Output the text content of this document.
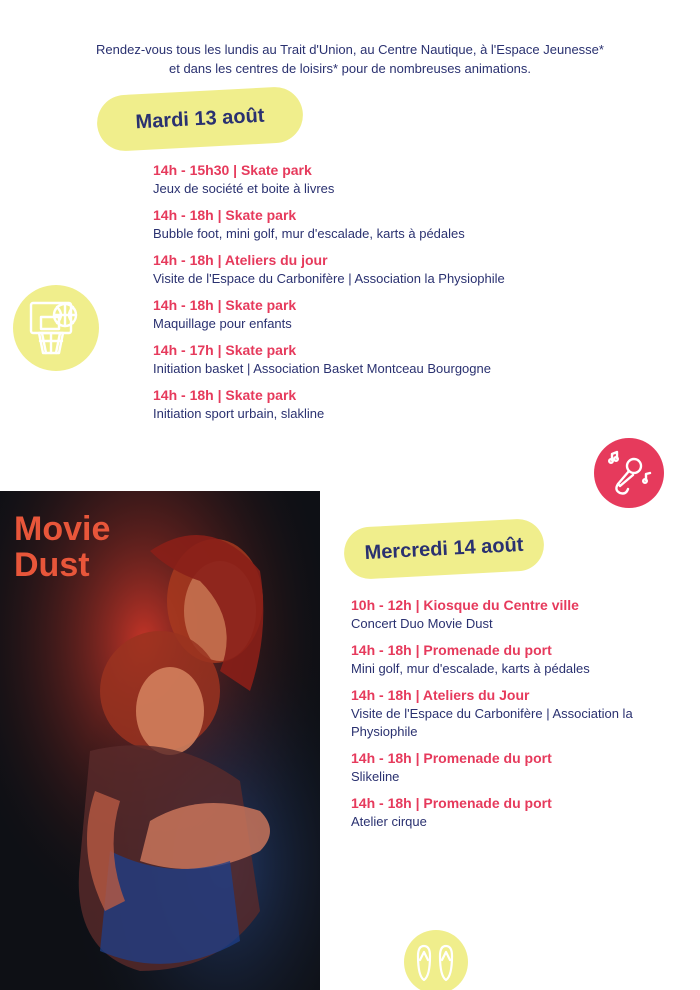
Rendez-vous tous les lundis au Trait d'Union, au Centre Nautique, à l'Espace Jeunesse*
et dans les centres de loisirs* pour de nombreuses animations.
Mardi 13 août
14h - 15h30 | Skate park
Jeux de société et boite à livres
14h - 18h | Skate park
Bubble foot, mini golf, mur d'escalade, karts à pédales
14h - 18h | Ateliers du jour
Visite de l'Espace du Carbonifère | Association la Physiophile
14h - 18h | Skate park
Maquillage pour enfants
14h - 17h | Skate park
Initiation basket | Association Basket Montceau Bourgogne
14h - 18h | Skate park
Initiation sport urbain, slakline
Mercredi 14 août
10h - 12h | Kiosque du Centre ville
Concert Duo Movie Dust
14h - 18h | Promenade du port
Mini golf, mur d'escalade, karts à pédales
14h - 18h | Ateliers du Jour
Visite de l'Espace du Carbonifère | Association la Physiophile
14h - 18h | Promenade du port
Slikeline
14h - 18h | Promenade du port
Atelier cirque
Movie
Dust
